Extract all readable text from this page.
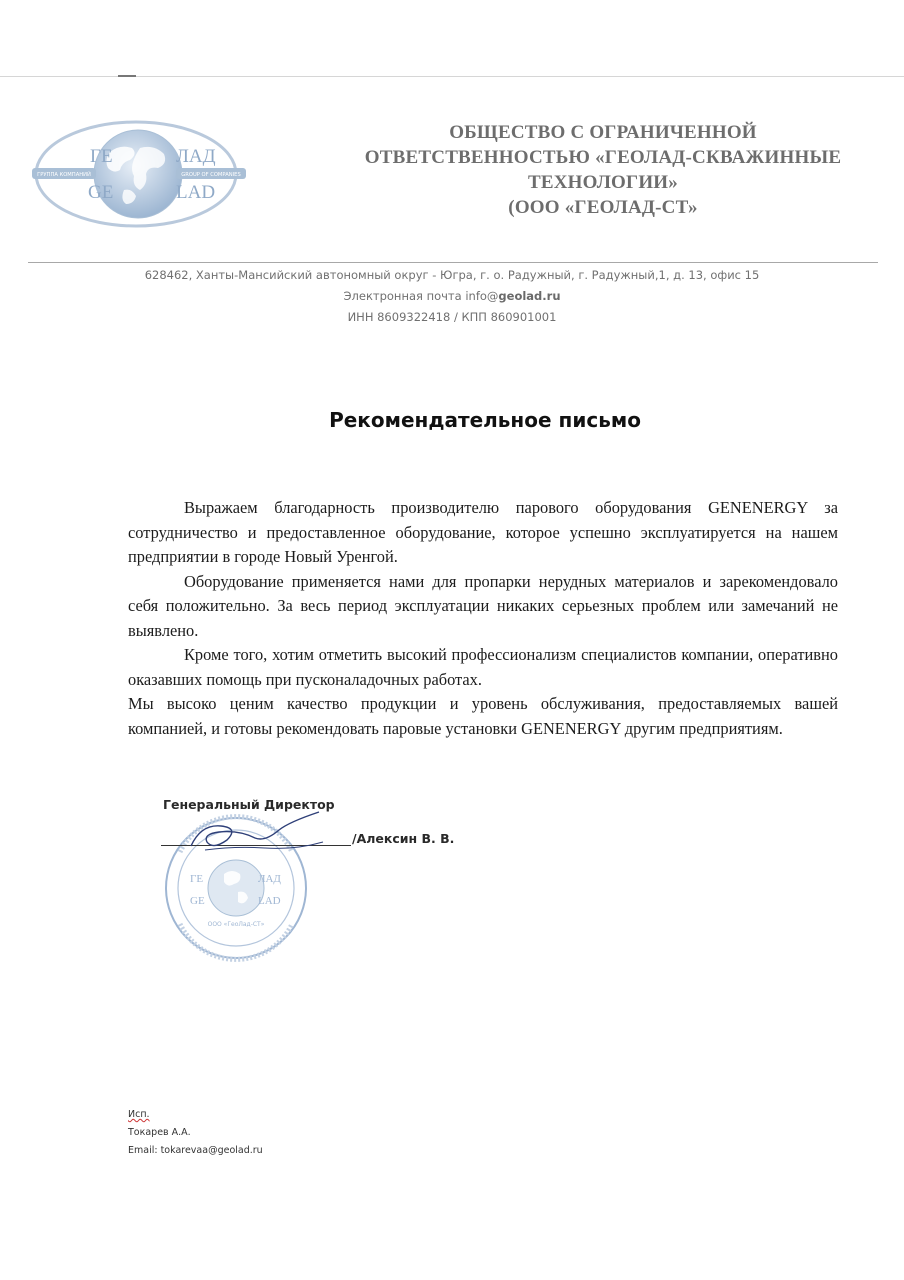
ГРУППА КОМПАНИЙ	GROUP OF COMPANIES
ГЕ	ЛАД
GE	LAD
ОБЩЕСТВО С ОГРАНИЧЕННОЙ
ОТВЕТСТВЕННОСТЬЮ «ГЕОЛАД-СКВАЖИННЫЕ
ТЕХНОЛОГИИ»
(ООО «ГЕОЛАД-СТ»
628462, Ханты-Мансийский автономный округ - Югра, г. о. Радужный, г. Радужный,1, д. 13, офис 15
Электронная почта info@geolad.ru
ИНН 8609322418 / КПП 860901001
Рекомендательное письмо

Выражаем благодарность производителю парового оборудования GENENERGY за сотрудничество и предоставленное оборудование, которое успешно эксплуатируется на нашем предприятии в городе Новый Уренгой.

Оборудование применяется нами для пропарки нерудных материалов и зарекомендовало себя положительно. За весь период эксплуатации никаких серьезных проблем или замечаний не выявлено.

Кроме того, хотим отметить высокий профессионализм специалистов компании, оперативно оказавших помощь при пусконаладочных работах.

Мы высоко ценим качество продукции и уровень обслуживания, предоставляемых вашей компанией, и готовы рекомендовать паровые установки GENENERGY другим предприятиям.

ГЕ	ЛАД
GE	LAD
ООО «ГеоЛад-СТ»
Генеральный Директор
/Алексин В. В.
Исп.
Токарев А.А.
Email: tokarevaa@geolad.ru
